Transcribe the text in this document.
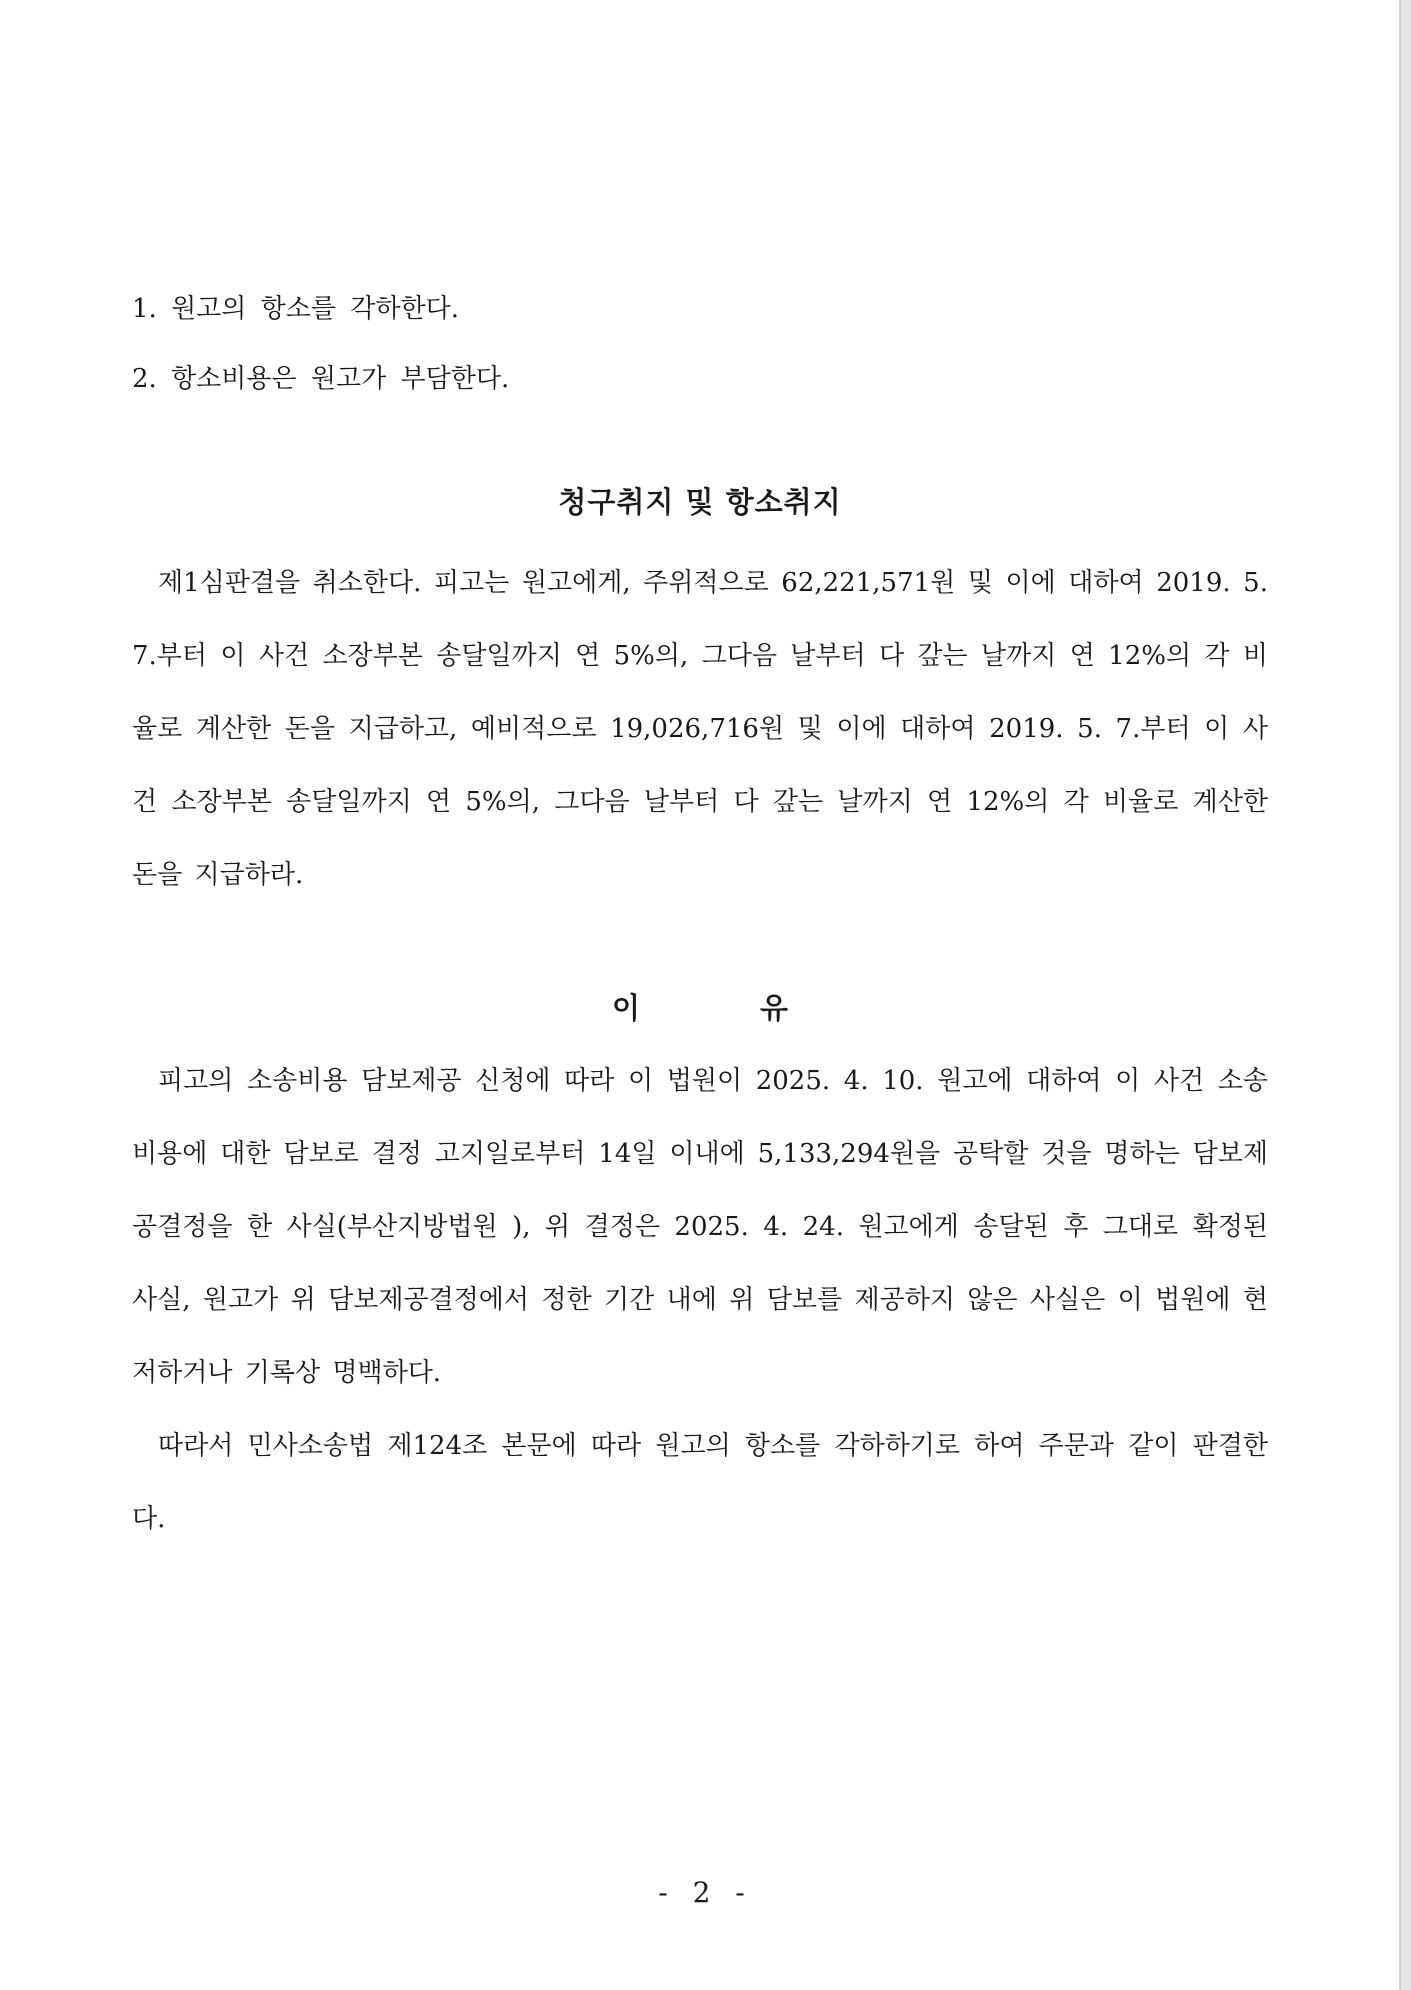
1. 원고의 항소를 각하한다.

2. 항소비용은 원고가 부담한다.

청구취지 및 항소취지

제1심판결을 취소한다. 피고는 원고에게, 주위적으로 62,221,571원 및 이에 대하여 2019. 5. 7.부터 이 사건 소장부본 송달일까지 연 5%의, 그다음 날부터 다 갚는 날까지 연 12%의 각 비율로 계산한 돈을 지급하고, 예비적으로 19,026,716원 및 이에 대하여 2019. 5. 7.부터 이 사건 소장부본 송달일까지 연 5%의, 그다음 날부터 다 갚는 날까지 연 12%의 각 비율로 계산한 돈을 지급하라.

이 유

피고의 소송비용 담보제공 신청에 따라 이 법원이 2025. 4. 10. 원고에 대하여 이 사건 소송비용에 대한 담보로 결정 고지일로부터 14일 이내에 5,133,294원을 공탁할 것을 명하는 담보제공결정을 한 사실(부산지방법원 ), 위 결정은 2025. 4. 24. 원고에게 송달된 후 그대로 확정된 사실, 원고가 위 담보제공결정에서 정한 기간 내에 위 담보를 제공하지 않은 사실은 이 법원에 현저하거나 기록상 명백하다.

따라서 민사소송법 제124조 본문에 따라 원고의 항소를 각하하기로 하여 주문과 같이 판결한다.

- 2 -
